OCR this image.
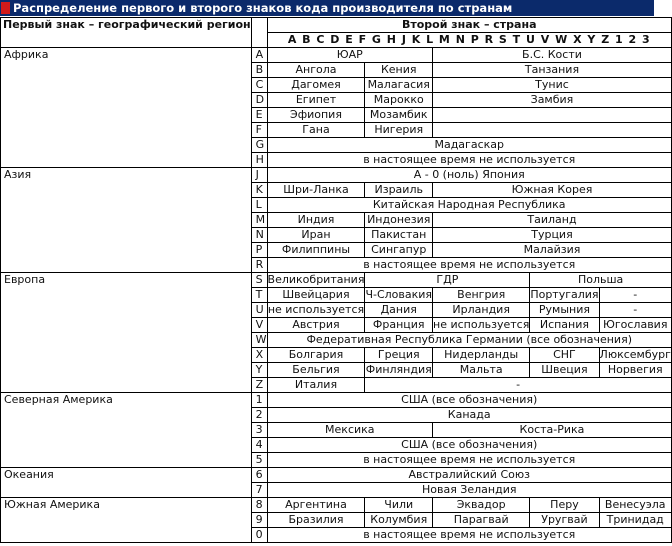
Распределение первого и второго знаков кода производителя по странам
Первый знак – географический регион		Второй знак – страна				
		A B C D E F G H J K L M N P R S T U V W X Y Z 1 2 3				
Африка	A	ЮАР		Б.С. Кости		
	B	Ангола	Кения	Танзания		
	C	Дагомея	Малагасия	Тунис		
	D	Египет	Марокко	Замбия		
	E	Эфиопия	Мозамбик			
	F	Гана	Нигерия			
	G	Мадагаскар				
	H	в настоящее время не используется				
Азия	J	A - 0 (ноль) Япония				
	K	Шри-Ланка	Израиль	Южная Корея		
	L	Китайская Народная Республика				
	M	Индия	Индонезия	Таиланд		
	N	Иран	Пакистан	Турция		
	P	Филиппины	Сингапур	Малайзия		
	R	в настоящее время не используется				
Европа	S	Великобритания	ГДР		Польша	
	T	Швейцария	Ч-Словакия	Венгрия	Португалия	-
	U	не используется	Дания	Ирландия	Румыния	-
	V	Австрия	Франция	не используется	Испания	Югославия
	W	Федеративная Республика Германии (все обозначения)				
	X	Болгария	Греция	Нидерланды	СНГ	Люксембург
	Y	Бельгия	Финляндия	Мальта	Швеция	Норвегия
	Z	Италия	-			
Северная Америка	1	США (все обозначения)				
	2	Канада				
	3	Мексика		Коста-Рика		
	4	США (все обозначения)				
	5	в настоящее время не используется				
Океания	6	Австралийский Союз				
	7	Новая Зеландия				
Южная Америка	8	Аргентина	Чили	Эквадор	Перу	Венесуэла
	9	Бразилия	Колумбия	Парагвай	Уругвай	Тринидад
	0	в настоящее время не используется				
